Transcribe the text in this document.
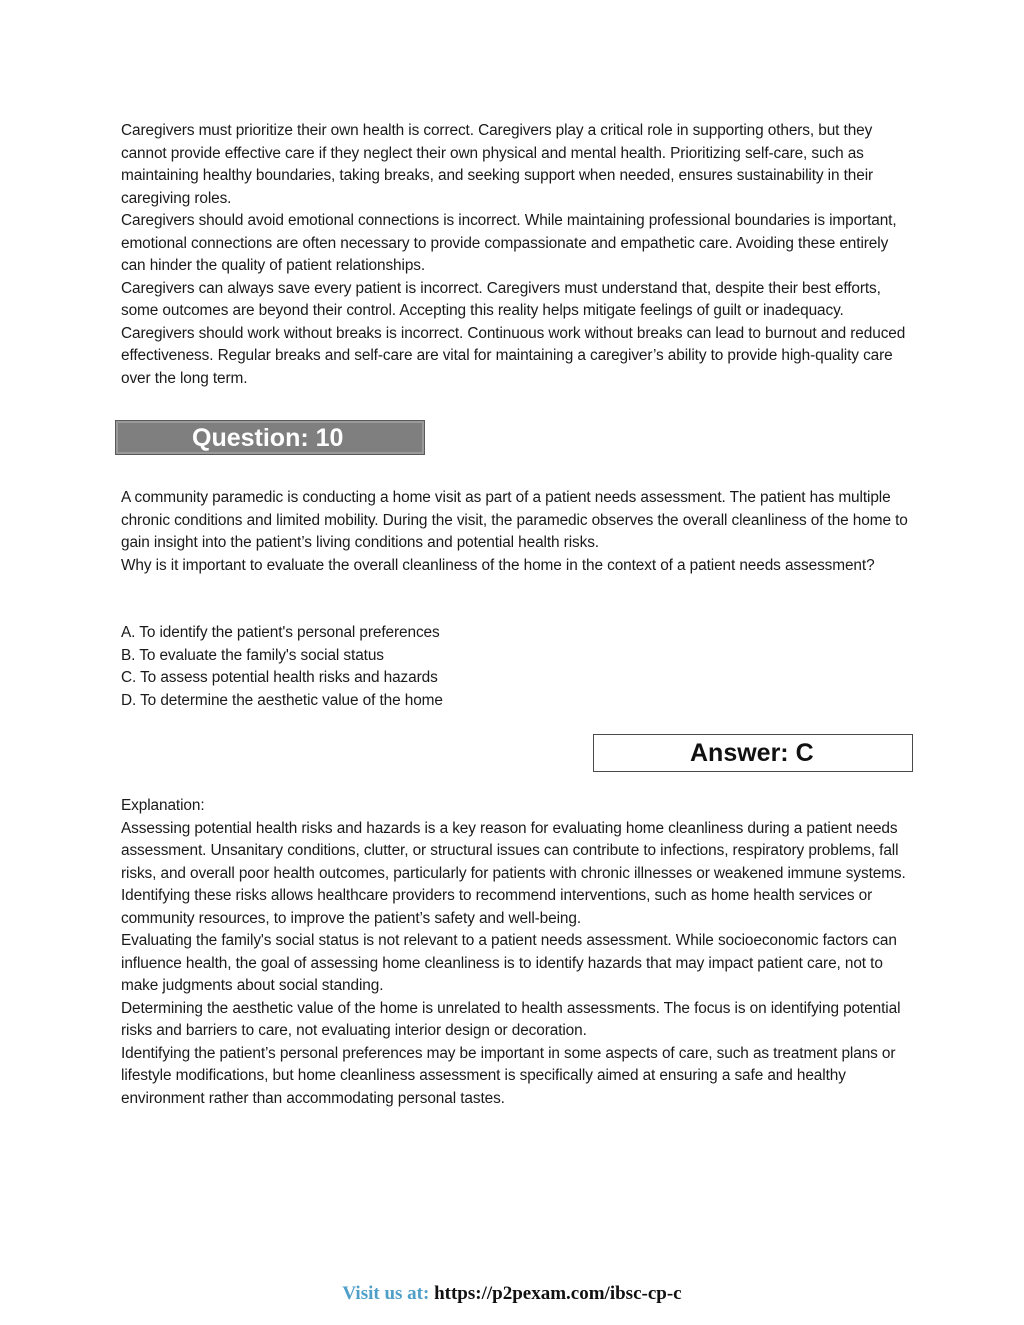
Caregivers must prioritize their own health is correct. Caregivers play a critical role in supporting others, but they cannot provide effective care if they neglect their own physical and mental health. Prioritizing self-care, such as maintaining healthy boundaries, taking breaks, and seeking support when needed, ensures sustainability in their caregiving roles.

Caregivers should avoid emotional connections is incorrect. While maintaining professional boundaries is important, emotional connections are often necessary to provide compassionate and empathetic care. Avoiding these entirely can hinder the quality of patient relationships.

Caregivers can always save every patient is incorrect. Caregivers must understand that, despite their best efforts, some outcomes are beyond their control. Accepting this reality helps mitigate feelings of guilt or inadequacy.

Caregivers should work without breaks is incorrect. Continuous work without breaks can lead to burnout and reduced effectiveness. Regular breaks and self-care are vital for maintaining a caregiver’s ability to provide high-quality care over the long term.

Question: 10

A community paramedic is conducting a home visit as part of a patient needs assessment. The patient has multiple chronic conditions and limited mobility. During the visit, the paramedic observes the overall cleanliness of the home to gain insight into the patient’s living conditions and potential health risks.

Why is it important to evaluate the overall cleanliness of the home in the context of a patient needs assessment?

A. To identify the patient's personal preferences

B. To evaluate the family's social status

C. To assess potential health risks and hazards

D. To determine the aesthetic value of the home

Answer: C

Explanation:

Assessing potential health risks and hazards is a key reason for evaluating home cleanliness during a patient needs assessment. Unsanitary conditions, clutter, or structural issues can contribute to infections, respiratory problems, fall risks, and overall poor health outcomes, particularly for patients with chronic illnesses or weakened immune systems. Identifying these risks allows healthcare providers to recommend interventions, such as home health services or community resources, to improve the patient’s safety and well-being.

Evaluating the family's social status is not relevant to a patient needs assessment. While socioeconomic factors can influence health, the goal of assessing home cleanliness is to identify hazards that may impact patient care, not to make judgments about social standing.

Determining the aesthetic value of the home is unrelated to health assessments. The focus is on identifying potential risks and barriers to care, not evaluating interior design or decoration.

Identifying the patient’s personal preferences may be important in some aspects of care, such as treatment plans or lifestyle modifications, but home cleanliness assessment is specifically aimed at ensuring a safe and healthy environment rather than accommodating personal tastes.

Visit us at: https://p2pexam.com/ibsc-cp-c
